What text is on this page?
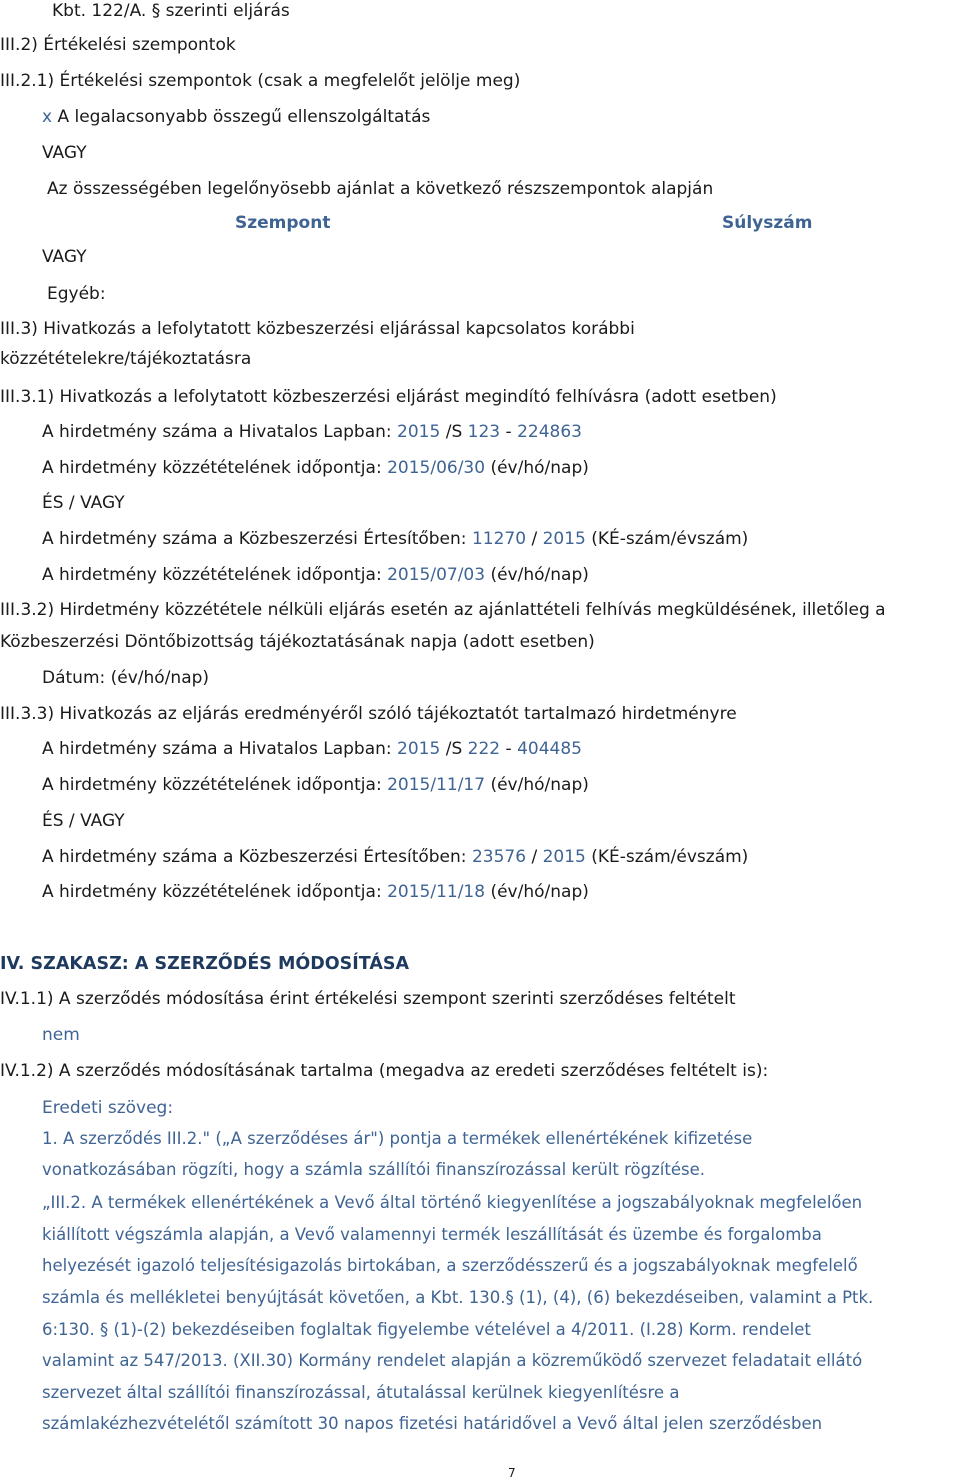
Kbt. 122/A. § szerinti eljárás
III.2) Értékelési szempontok
III.2.1) Értékelési szempontok (csak a megfelelőt jelölje meg)
x A legalacsonyabb összegű ellenszolgáltatás
VAGY
Az összességében legelőnyösebb ajánlat a következő részszempontok alapján
Szempont	Súlyszám
VAGY
Egyéb:
III.3) Hivatkozás a lefolytatott közbeszerzési eljárással kapcsolatos korábbi
közzétételekre/tájékoztatásra
III.3.1) Hivatkozás a lefolytatott közbeszerzési eljárást megindító felhívásra (adott esetben)
A hirdetmény száma a Hivatalos Lapban: 2015 /S 123 - 224863
A hirdetmény közzétételének időpontja: 2015/06/30 (év/hó/nap)
ÉS / VAGY
A hirdetmény száma a Közbeszerzési Értesítőben: 11270 / 2015 (KÉ-szám/évszám)
A hirdetmény közzétételének időpontja: 2015/07/03 (év/hó/nap)
III.3.2) Hirdetmény közzététele nélküli eljárás esetén az ajánlattételi felhívás megküldésének, illetőleg a
Közbeszerzési Döntőbizottság tájékoztatásának napja (adott esetben)
Dátum: (év/hó/nap)
III.3.3) Hivatkozás az eljárás eredményéről szóló tájékoztatót tartalmazó hirdetményre
A hirdetmény száma a Hivatalos Lapban: 2015 /S 222 - 404485
A hirdetmény közzétételének időpontja: 2015/11/17 (év/hó/nap)
ÉS / VAGY
A hirdetmény száma a Közbeszerzési Értesítőben: 23576 / 2015 (KÉ-szám/évszám)
A hirdetmény közzétételének időpontja: 2015/11/18 (év/hó/nap)
IV. SZAKASZ: A SZERZŐDÉS MÓDOSÍTÁSA
IV.1.1) A szerződés módosítása érint értékelési szempont szerinti szerződéses feltételt
nem
IV.1.2) A szerződés módosításának tartalma (megadva az eredeti szerződéses feltételt is):
Eredeti szöveg:
1. A szerződés III.2." („A szerződéses ár") pontja a termékek ellenértékének kifizetése
vonatkozásában rögzíti, hogy a számla szállítói finanszírozással került rögzítése.
„III.2. A termékek ellenértékének a Vevő által történő kiegyenlítése a jogszabályoknak megfelelően
kiállított végszámla alapján, a Vevő valamennyi termék leszállítását és üzembe és forgalomba
helyezését igazoló teljesítésigazolás birtokában, a szerződésszerű és a jogszabályoknak megfelelő
számla és mellékletei benyújtását követően, a Kbt. 130.§ (1), (4), (6) bekezdéseiben, valamint a Ptk.
6:130. § (1)-(2) bekezdéseiben foglaltak figyelembe vételével a 4/2011. (I.28) Korm. rendelet
valamint az 547/2013. (XII.30) Kormány rendelet alapján a közreműködő szervezet feladatait ellátó
szervezet által szállítói finanszírozással, átutalással kerülnek kiegyenlítésre a
számlakézhezvételétől számított 30 napos fizetési határidővel a Vevő által jelen szerződésben
7
